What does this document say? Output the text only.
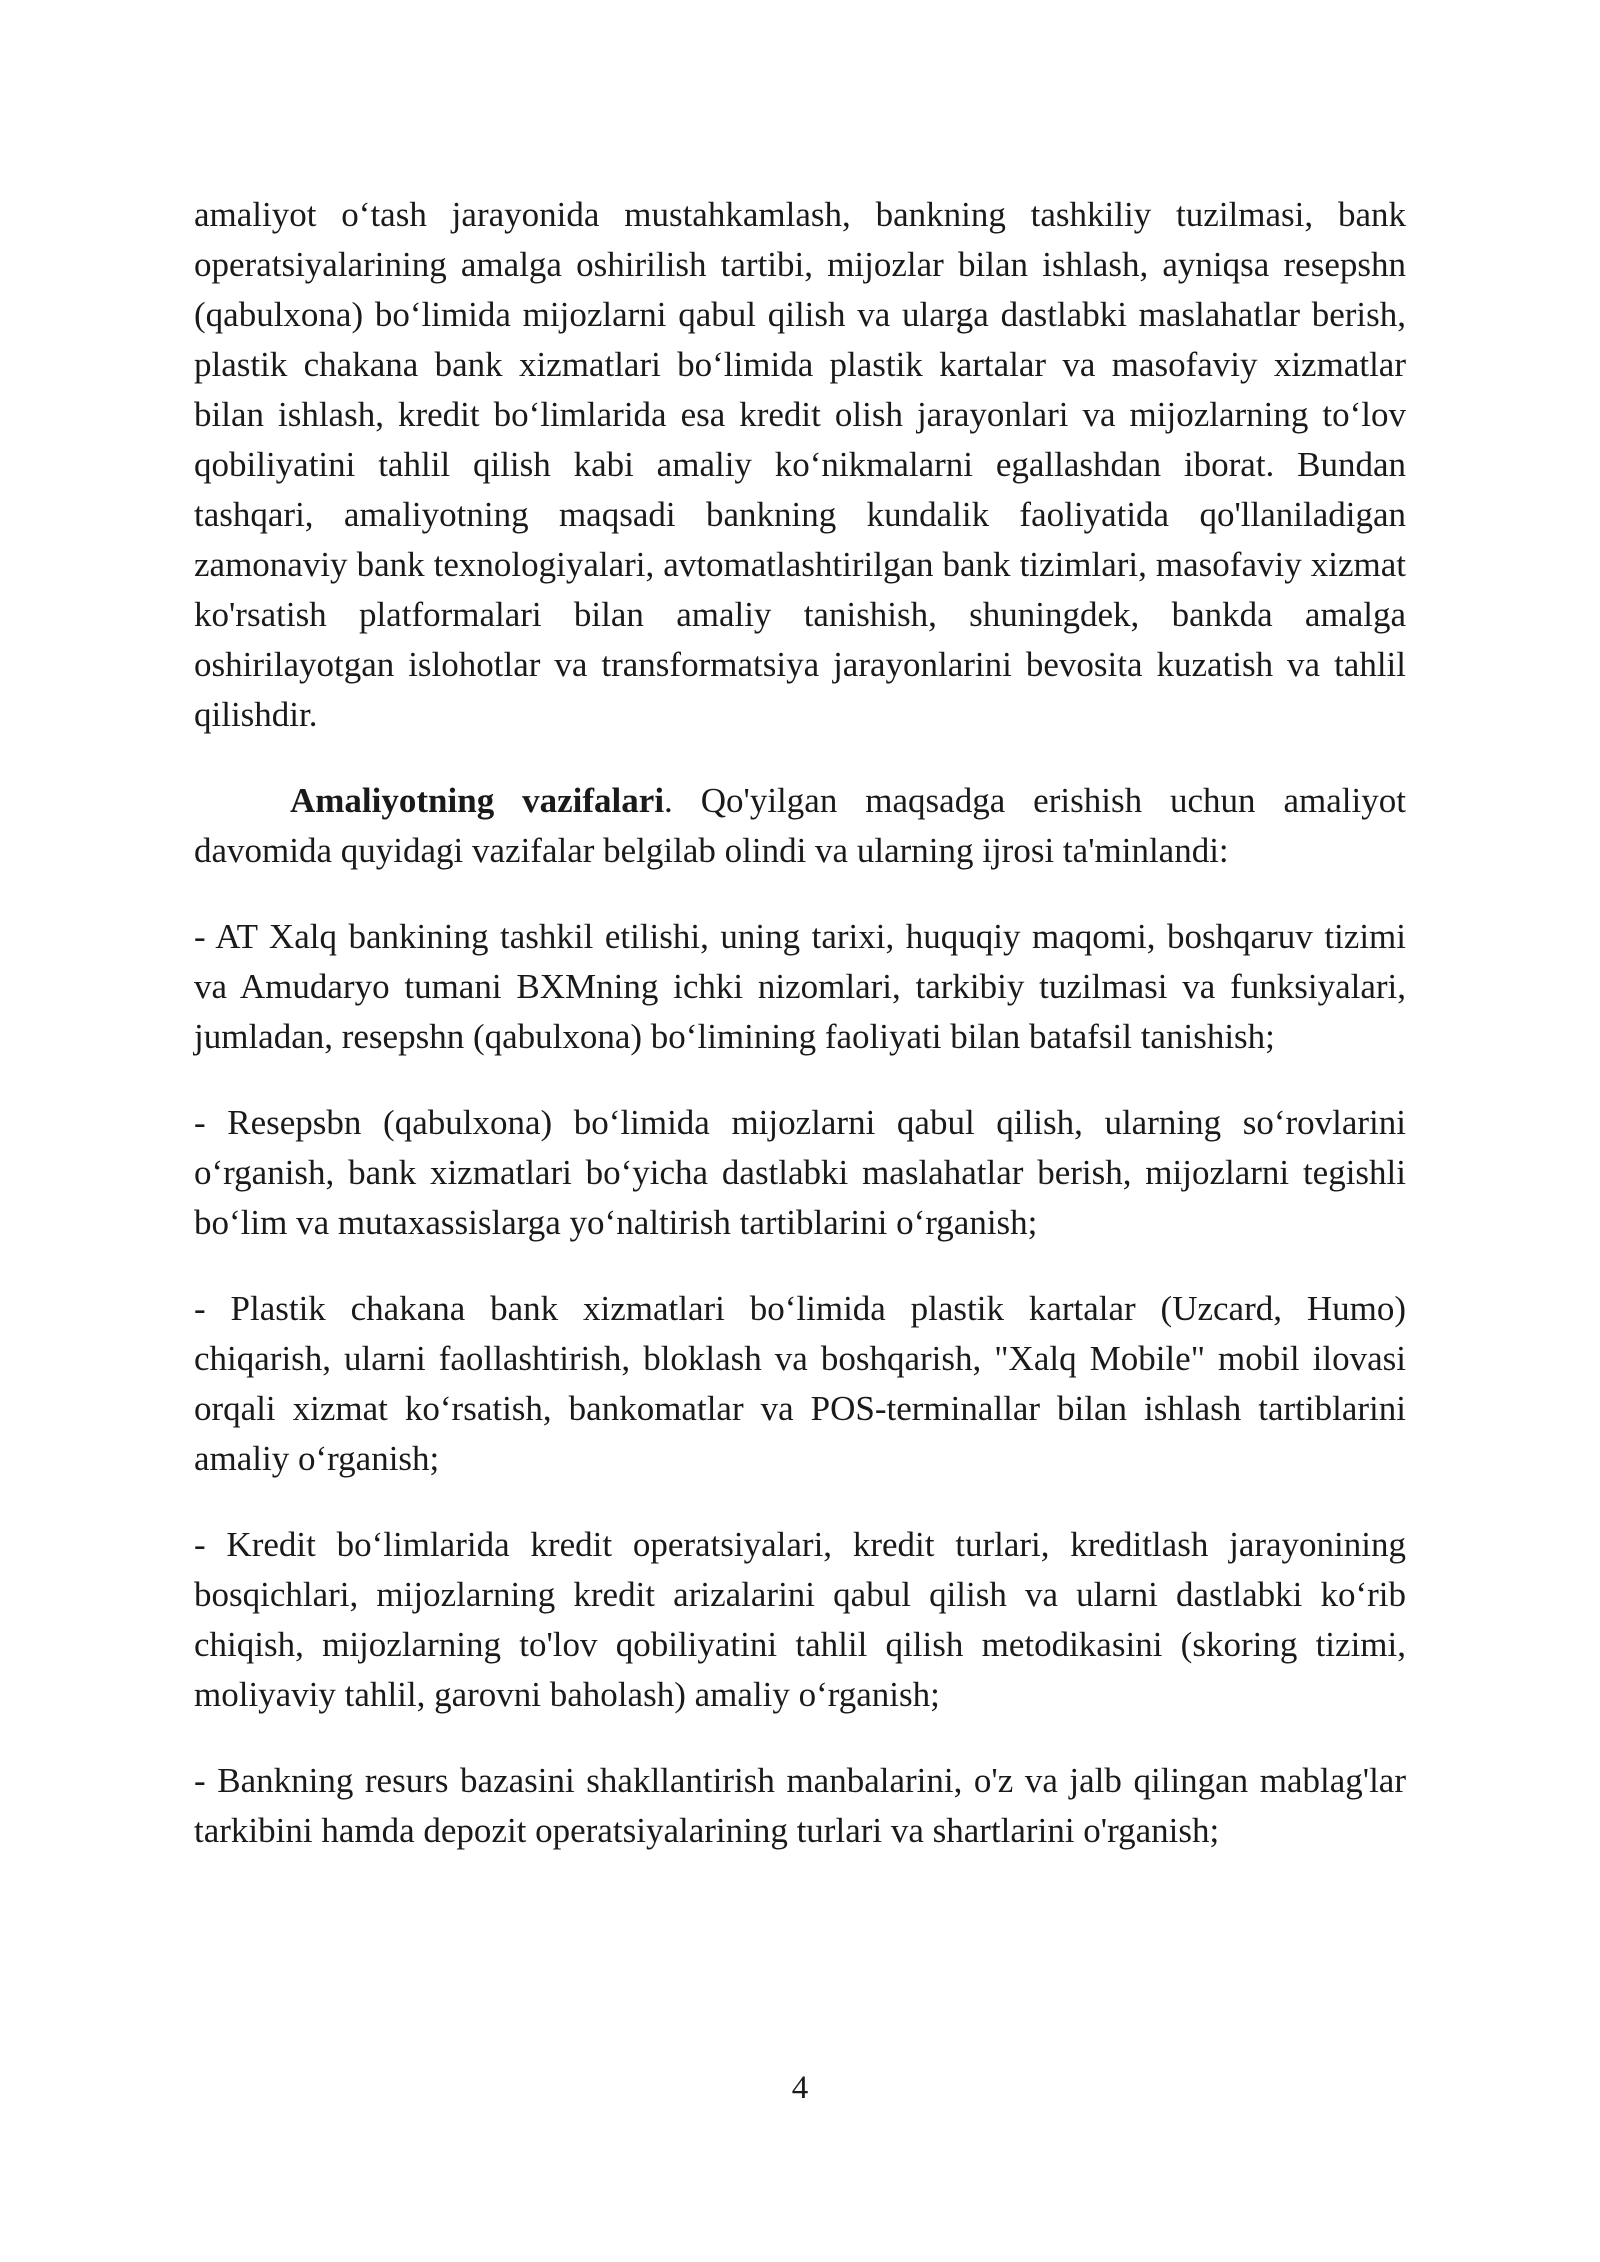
amaliyot o‘tash jarayonida mustahkamlash, bankning tashkiliy tuzilmasi, bank operatsiyalarining amalga oshirilish tartibi, mijozlar bilan ishlash, ayniqsa resepshn (qabulxona) bo‘limida mijozlarni qabul qilish va ularga dastlabki maslahatlar berish, plastik chakana bank xizmatlari bo‘limida plastik kartalar va masofaviy xizmatlar bilan ishlash, kredit bo‘limlarida esa kredit olish jarayonlari va mijozlarning to‘lov qobiliyatini tahlil qilish kabi amaliy ko‘nikmalarni egallashdan iborat. Bundan tashqari, amaliyotning maqsadi bankning kundalik faoliyatida qo'llaniladigan zamonaviy bank texnologiyalari, avtomatlashtirilgan bank tizimlari, masofaviy xizmat ko'rsatish platformalari bilan amaliy tanishish, shuningdek, bankda amalga oshirilayotgan islohotlar va transformatsiya jarayonlarini bevosita kuzatish va tahlil qilishdir.

Amaliyotning vazifalari. Qo'yilgan maqsadga erishish uchun amaliyot davomida quyidagi vazifalar belgilab olindi va ularning ijrosi ta'minlandi:

- AT Xalq bankining tashkil etilishi, uning tarixi, huquqiy maqomi, boshqaruv tizimi va Amudaryo tumani BXMning ichki nizomlari, tarkibiy tuzilmasi va funksiyalari, jumladan, resepshn (qabulxona) bo‘limining faoliyati bilan batafsil tanishish;

- Resepsbn (qabulxona) bo‘limida mijozlarni qabul qilish, ularning so‘rovlarini o‘rganish, bank xizmatlari bo‘yicha dastlabki maslahatlar berish, mijozlarni tegishli bo‘lim va mutaxassislarga yo‘naltirish tartiblarini o‘rganish;

- Plastik chakana bank xizmatlari bo‘limida plastik kartalar (Uzcard, Humo) chiqarish, ularni faollashtirish, bloklash va boshqarish, "Xalq Mobile" mobil ilovasi orqali xizmat ko‘rsatish, bankomatlar va POS-terminallar bilan ishlash tartiblarini amaliy o‘rganish;

- Kredit bo‘limlarida kredit operatsiyalari, kredit turlari, kreditlash jarayonining bosqichlari, mijozlarning kredit arizalarini qabul qilish va ularni dastlabki ko‘rib chiqish, mijozlarning to'lov qobiliyatini tahlil qilish metodikasini (skoring tizimi, moliyaviy tahlil, garovni baholash) amaliy o‘rganish;

- Bankning resurs bazasini shakllantirish manbalarini, o'z va jalb qilingan mablag'lar tarkibini hamda depozit operatsiyalarining turlari va shartlarini o'rganish;

4
